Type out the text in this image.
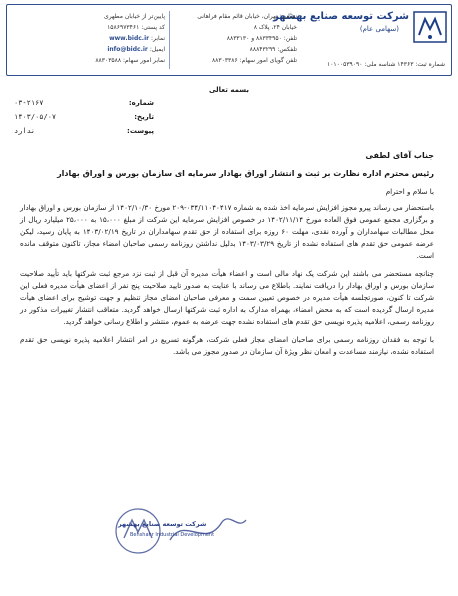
شرکت توسعه صنایع بهشهر
(سهامی عام)
شماره ثبت: ۱۴۳۶۳ شناسه ملی: ۱۰۱۰۰۵۳۹۰۹۰
نشانی: تهران، خیابان قائم مقام فراهانی
خیابان ۲۴، پلاک ۸
تلفن: ۸۸۳۳۴۹۵۰ و ۸۸۳۳۱۳۰
تلفکس: ۸۸۸۴۳۲۹۹
تلفن گویای امور سهام: ۸۸۳۰۳۳۸۶
پایین‌تر از خیابان مطهری
کد پستی: ۱۵۸۶۹۷۳۴۶۱
نمابر: www.bidc.ir
ایمیل: info@bidc.ir
نمابر امور سهام: ۸۸۳۰۳۵۸۸
بسمه تعالی
شماره:
۰۳-۲۱۶۷
تاریخ:
۱۴۰۳/۰۵/۰۷
پیوست:
ندارد
جناب آقای لطفی
رئیس محترم اداره نظارت بر ثبت و انتشار اوراق بهادار سرمایه ای سازمان بورس و اوراق بهادار
با سلام و احترام

باستحضار می رساند پیرو مجوز افزایش سرمایه اخذ شده به شماره ۰۳۴/۱۱۰۴۰۴۱۷-۲۰۹ مورخ ۱۴۰۲/۱۰/۳۰ از سازمان بورس و اوراق بهادار و برگزاری مجمع عمومی فوق العاده مورخ ۱۴۰۲/۱۱/۱۴ در خصوص افزایش سرمایه این شرکت از مبلغ ۱۵،۰۰۰ به ۲۵،۰۰۰ میلیارد ریال از محل مطالبات سهامداران و آورده نقدی، مهلت ۶۰ روزه برای استفاده از حق تقدم سهامداران در تاریخ ۱۴۰۳/۰۲/۱۹ به پایان رسید، لیکن عرضه عمومی حق تقدم های استفاده نشده از تاریخ ۱۴۰۳/۰۳/۲۹ بدلیل نداشتن روزنامه رسمی صاحبان امضاء مجاز، تاکنون متوقف مانده است.

چنانچه مستحضر می باشند این شرکت یک نهاد مالی است و اعضاء هیأت مدیره آن قبل از ثبت نزد مرجع ثبت شرکتها باید تأیید صلاحیت سازمان بورس و اوراق بهادار را دریافت نمایند. باطلاع می رساند با عنایت به صدور تایید صلاحیت پنج نفر از اعضای هیأت مدیره فعلی این شرکت تا کنون، صورتجلسه هیأت مدیره در خصوص تعیین سمت و معرفی صاحبان امضای مجاز تنظیم و جهت توشیح برای اعضای هیأت مدیره ارسال گردیده است که به محض امضاء، بهمراه مدارک به اداره ثبت شرکتها ارسال خواهد گردید. متعاقب انتشار تغییرات مذکور در روزنامه رسمی، اعلامیه پذیره نویسی حق تقدم های استفاده نشده جهت عرضه به عموم، منتشر و اطلاع رسانی خواهد گردید.

با توجه به فقدان روزنامه رسمی برای صاحبان امضای مجاز فعلی شرکت، هرگونه تسریع در امر انتشار اعلامیه پذیره نویسی حق تقدم استفاده نشده، نیازمند مساعدت و امعان نظر ویژهٔ آن سازمان در صدور مجوز می باشد.

شرکت توسعه صنایع بهشهر
Behshahr Industrial Development
